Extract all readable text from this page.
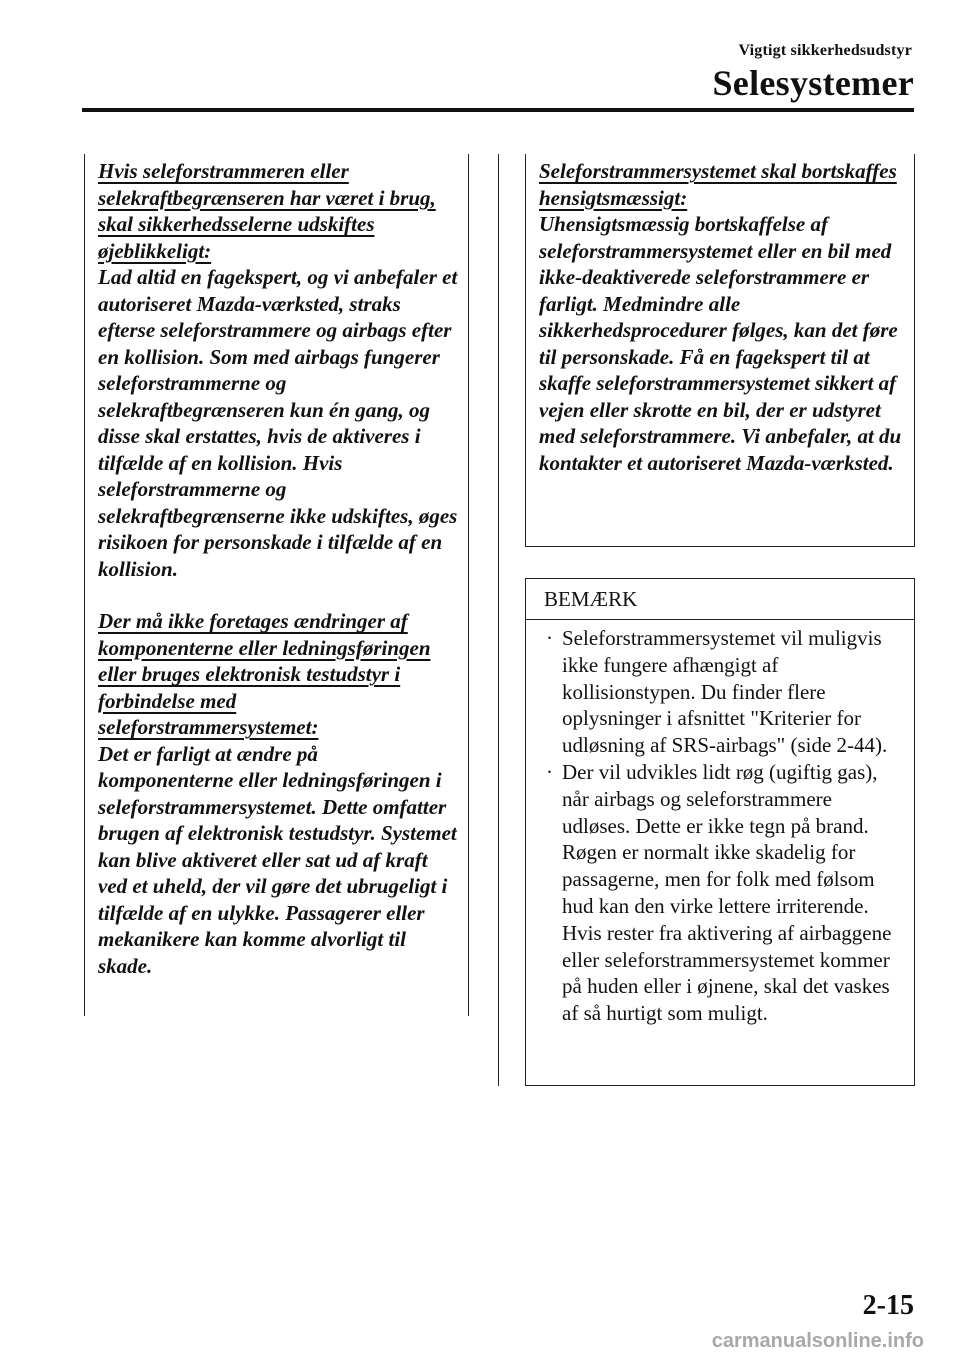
Vigtigt sikkerhedsudstyr
Selesystemer

Hvis seleforstrammeren eller selekraftbegrænseren har været i brug, skal sikkerhedsselerne udskiftes øjeblikkeligt:

Lad altid en fagekspert, og vi anbefaler et autoriseret Mazda-værksted, straks efterse seleforstrammere og airbags efter en kollision. Som med airbags fungerer seleforstrammerne og selekraftbegrænseren kun én gang, og disse skal erstattes, hvis de aktiveres i tilfælde af en kollision. Hvis seleforstrammerne og selekraftbegrænserne ikke udskiftes, øges risikoen for personskade i tilfælde af en kollision.

Der må ikke foretages ændringer af komponenterne eller ledningsføringen eller bruges elektronisk testudstyr i forbindelse med seleforstrammersystemet:

Det er farligt at ændre på komponenterne eller ledningsføringen i seleforstrammersystemet. Dette omfatter brugen af elektronisk testudstyr. Systemet kan blive aktiveret eller sat ud af kraft ved et uheld, der vil gøre det ubrugeligt i tilfælde af en ulykke. Passagerer eller mekanikere kan komme alvorligt til skade.

Seleforstrammersystemet skal bortskaffes hensigtsmæssigt:

Uhensigtsmæssig bortskaffelse af seleforstrammersystemet eller en bil med ikke-deaktiverede seleforstrammere er farligt. Medmindre alle sikkerhedsprocedurer følges, kan det føre til personskade. Få en fagekspert til at skaffe seleforstrammersystemet sikkert af vejen eller skrotte en bil, der er udstyret med seleforstrammere. Vi anbefaler, at du kontakter et autoriseret Mazda-værksted.

BEMÆRK
· Seleforstrammersystemet vil muligvis ikke fungere afhængigt af kollisionstypen. Du finder flere oplysninger i afsnittet "Kriterier for udløsning af SRS-airbags" (side 2-44).
· Der vil udvikles lidt røg (ugiftig gas), når airbags og seleforstrammere udløses. Dette er ikke tegn på brand. Røgen er normalt ikke skadelig for passagerne, men for folk med følsom hud kan den virke lettere irriterende. Hvis rester fra aktivering af airbaggene eller seleforstrammersystemet kommer på huden eller i øjnene, skal det vaskes af så hurtigt som muligt.
2-15
carmanualsonline.info
